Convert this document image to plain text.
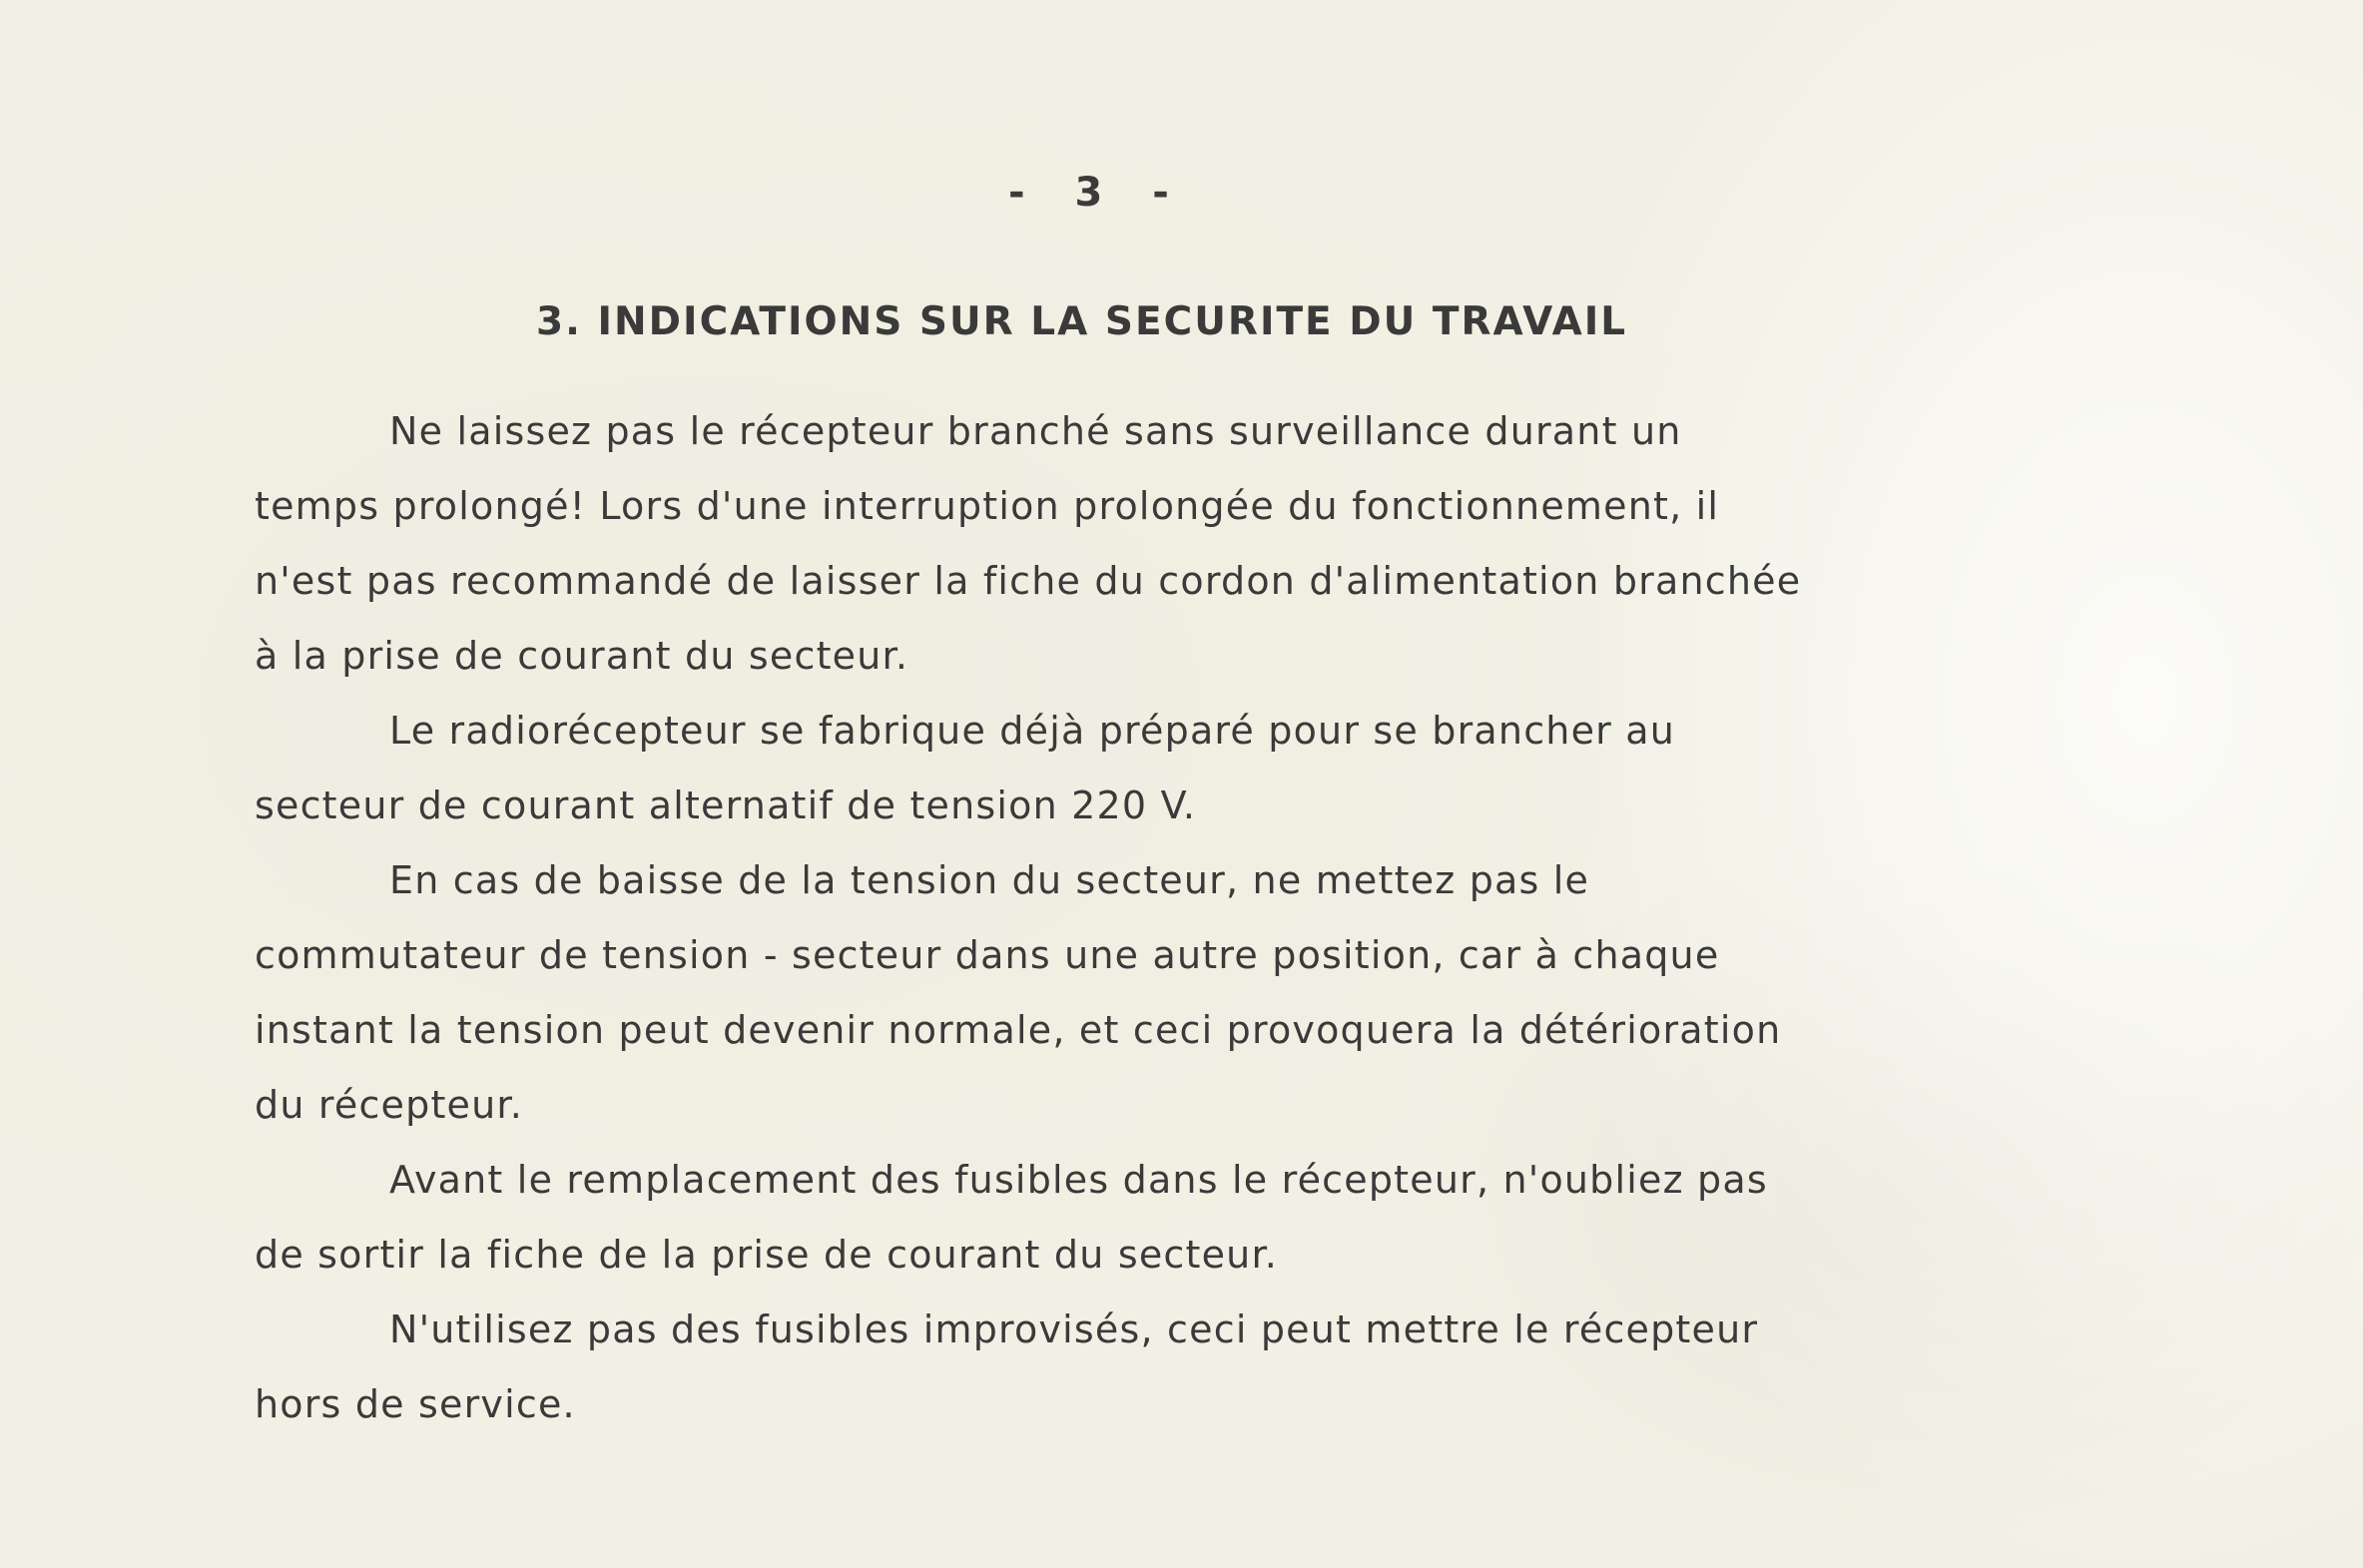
- 3 -
3. INDICATIONS SUR LA SECURITE DU TRAVAIL
Ne laissez pas le récepteur branché sans surveillance durant un
temps prolongé! Lors d'une interruption prolongée du fonctionnement, il
n'est pas recommandé de laisser la fiche du cordon d'alimentation branchée
à la prise de courant du secteur.
Le radiorécepteur se fabrique déjà préparé pour se brancher au
secteur de courant alternatif de tension 220 V.
En cas de baisse de la tension du secteur, ne mettez pas le
commutateur de tension - secteur dans une autre position, car à chaque
instant la tension peut devenir normale, et ceci provoquera la détérioration
du récepteur.
Avant le remplacement des fusibles dans le récepteur, n'oubliez pas
de sortir la fiche de la prise de courant du secteur.
N'utilisez pas des fusibles improvisés, ceci peut mettre le récepteur
hors de service.
